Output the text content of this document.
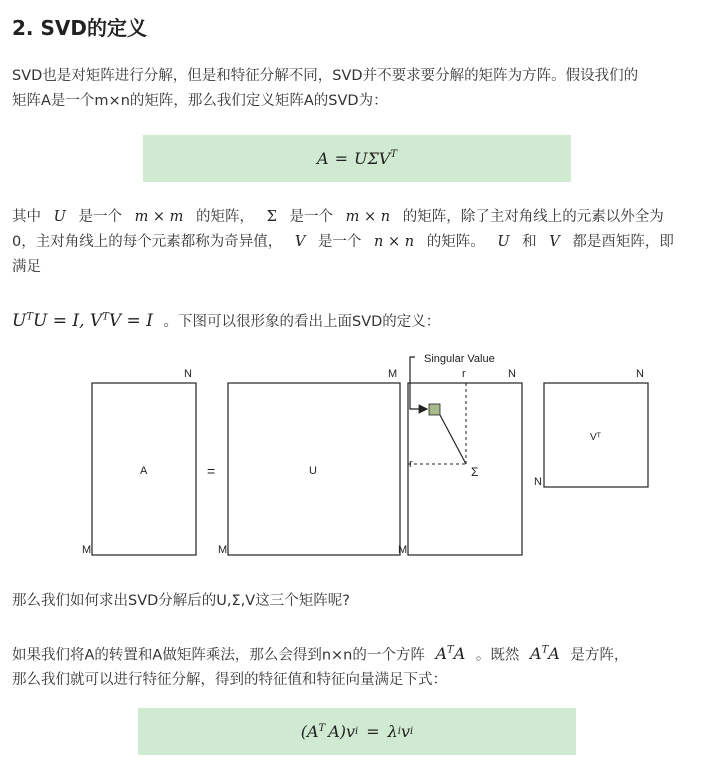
2. SVD的定义
SVD也是对矩阵进行分解，但是和特征分解不同，SVD并不要求要分解的矩阵为方阵。假设我们的
矩阵A是一个m×n的矩阵，那么我们定义矩阵A的SVD为：
$A = U\Sigma V^T$
其中 U 是一个 m × m 的矩阵， Σ 是一个 m × n 的矩阵，除了主对角线上的元素以外全为
0，主对角线上的每个元素都称为奇异值， V 是一个 n × n 的矩阵。 U 和 V 都是酉矩阵，即
满足
$U^TU = I$, $V^TV = I$ 。下图可以很形象的看出上面SVD的定义：
A
N
M
=	U
M
M
Singular Value
r	N
r
Σ
M
Vᵀ
N
N
那么我们如何求出SVD分解后的U,Σ,V这三个矩阵呢?
如果我们将A的转置和A做矩阵乘法，那么会得到n×n的一个方阵 $A^TA$ 。既然 $A^TA$ 是方阵，
那么我们就可以进行特征分解，得到的特征值和特征向量满足下式：
($A^T$ A)v i = λ i v i
